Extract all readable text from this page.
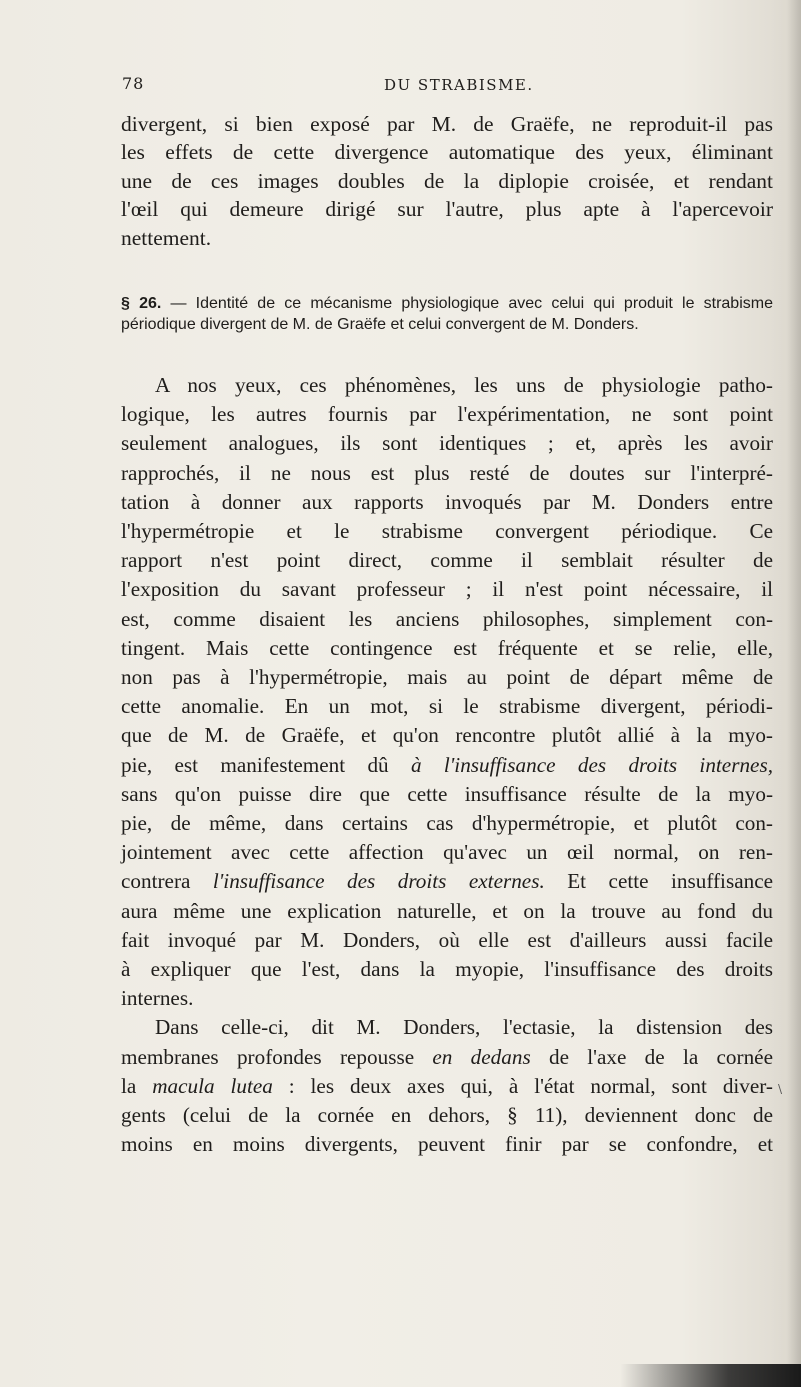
78	DU STRABISME.
divergent, si bien exposé par M. de Graëfe, ne reproduit-il pas
les effets de cette divergence automatique des yeux, éliminant
une de ces images doubles de la diplopie croisée, et rendant
l'œil qui demeure dirigé sur l'autre, plus apte à l'apercevoir
nettement.
§ 26. — Identité de ce mécanisme physiologique avec celui qui produit le strabisme périodique divergent de M. de Graëfe et celui convergent de M. Donders.

A nos yeux, ces phénomènes, les uns de physiologie patho-
logique, les autres fournis par l'expérimentation, ne sont point
seulement analogues, ils sont identiques ; et, après les avoir
rapprochés, il ne nous est plus resté de doutes sur l'interpré-
tation à donner aux rapports invoqués par M. Donders entre
l'hypermétropie et le strabisme convergent périodique. Ce
rapport n'est point direct, comme il semblait résulter de
l'exposition du savant professeur ; il n'est point nécessaire, il
est, comme disaient les anciens philosophes, simplement con-
tingent. Mais cette contingence est fréquente et se relie, elle,
non pas à l'hypermétropie, mais au point de départ même de
cette anomalie. En un mot, si le strabisme divergent, périodi-
que de M. de Graëfe, et qu'on rencontre plutôt allié à la myo-
pie, est manifestement dû à l'insuffisance des droits internes,
sans qu'on puisse dire que cette insuffisance résulte de la myo-
pie, de même, dans certains cas d'hypermétropie, et plutôt con-
jointement avec cette affection qu'avec un œil normal, on ren-
contrera l'insuffisance des droits externes. Et cette insuffisance
aura même une explication naturelle, et on la trouve au fond du
fait invoqué par M. Donders, où elle est d'ailleurs aussi facile
à expliquer que l'est, dans la myopie, l'insuffisance des droits
internes.

Dans celle-ci, dit M. Donders, l'ectasie, la distension des
membranes profondes repousse en dedans de l'axe de la cornée
la macula lutea : les deux axes qui, à l'état normal, sont diver-
gents (celui de la cornée en dehors, § 11), deviennent donc de
moins en moins divergents, peuvent finir par se confondre, et

\
